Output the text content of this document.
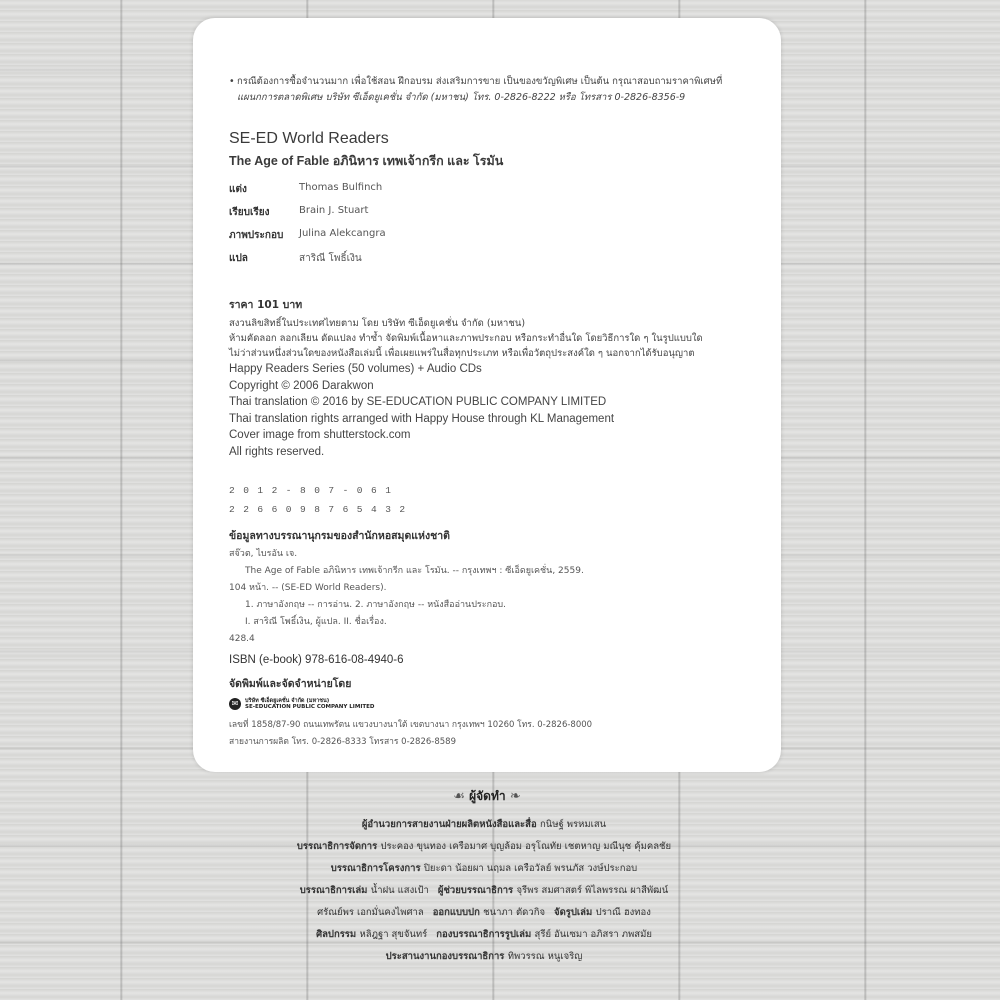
• กรณีต้องการซื้อจำนวนมาก เพื่อใช้สอน ฝึกอบรม ส่งเสริมการขาย เป็นของขวัญพิเศษ เป็นต้น กรุณาสอบถามราคาพิเศษที่
แผนกการตลาดพิเศษ บริษัท ซีเอ็ดยูเคชั่น จำกัด (มหาชน) โทร. 0-2826-8222 หรือ โทรสาร 0-2826-8356-9
SE-ED World Readers
The Age of Fable อภินิหาร เทพเจ้ากรีก และ โรมัน
แต่ง	Thomas Bulfinch
เรียบเรียง	Brain J. Stuart
ภาพประกอบ Julina Alekcangra
แปล	สาริณี โพธิ์เงิน
ราคา 101 บาท
สงวนลิขสิทธิ์ในประเทศไทยตาม โดย บริษัท ซีเอ็ดยูเคชั่น จำกัด (มหาชน)
ห้ามคัดลอก ลอกเลียน ดัดแปลง ทำซ้ำ จัดพิมพ์เนื้อหาและภาพประกอบ หรือกระทำอื่นใด โดยวิธีการใด ๆ ในรูปแบบใด
ไม่ว่าส่วนหนึ่งส่วนใดของหนังสือเล่มนี้ เพื่อเผยแพร่ในสื่อทุกประเภท หรือเพื่อวัตถุประสงค์ใด ๆ นอกจากได้รับอนุญาต
Happy Readers Series (50 volumes) + Audio CDs
Copyright © 2006 Darakwon
Thai translation © 2016 by SE-EDUCATION PUBLIC COMPANY LIMITED
Thai translation rights arranged with Happy House through KL Management
Cover image from shutterstock.com
All rights reserved.
2012-807-061
2266098765432
ข้อมูลทางบรรณานุกรมของสำนักหอสมุดแห่งชาติ
สจ๊วต, ไบรอัน เจ.
The Age of Fable อภินิหาร เทพเจ้ากรีก และ โรมัน. -- กรุงเทพฯ : ซีเอ็ดยูเคชั่น, 2559.
104 หน้า. -- (SE-ED World Readers).
1. ภาษาอังกฤษ -- การอ่าน. 2. ภาษาอังกฤษ -- หนังสืออ่านประกอบ.
I. สาริณี โพธิ์เงิน, ผู้แปล. II. ชื่อเรื่อง.
428.4
ISBN (e-book) 978-616-08-4940-6
จัดพิมพ์และจัดจำหน่ายโดย
✉	บริษัท ซีเอ็ดยูเคชั่น จำกัด (มหาชน)
SE-EDUCATION PUBLIC COMPANY LIMITED
เลขที่ 1858/87-90 ถนนเทพรัตน แขวงบางนาใต้ เขตบางนา กรุงเทพฯ 10260 โทร. 0-2826-8000
สายงานการผลิต โทร. 0-2826-8333 โทรสาร 0-2826-8589
☙ ผู้จัดทำ ❧
ผู้อำนวยการสายงานฝ่ายผลิตหนังสือและสื่อ กนิษฐ์ พรหมเสน
บรรณาธิการจัดการ ประคอง ขุนทอง เครือมาศ บุญล้อม อรุโณทัย เชตหาญ มณีนุช คุ้มคลชัย
บรรณาธิการโครงการ ปิยะดา น้อยผา นฤมล เครือวัลย์ พรนภัส วงษ์ประกอบ
บรรณาธิการเล่ม น้ำฝน แสงเป้า ผู้ช่วยบรรณาธิการ จุรีพร สมศาสตร์ พิไลพรรณ ผาสีพัฒน์
ศรัณย์พร เอกมั่นคงไพศาล ออกแบบปก ชนาภา ตัดวกิจ จัดรูปเล่ม ปราณี ฮงทอง
ศิลปกรรม หลิฎฐา สุขจันทร์ กองบรรณาธิการรูปเล่ม สุรีย์ อันเซมา อภิสรา ภพสมัย
ประสานงานกองบรรณาธิการ ทิพวรรณ หนูเจริญ
